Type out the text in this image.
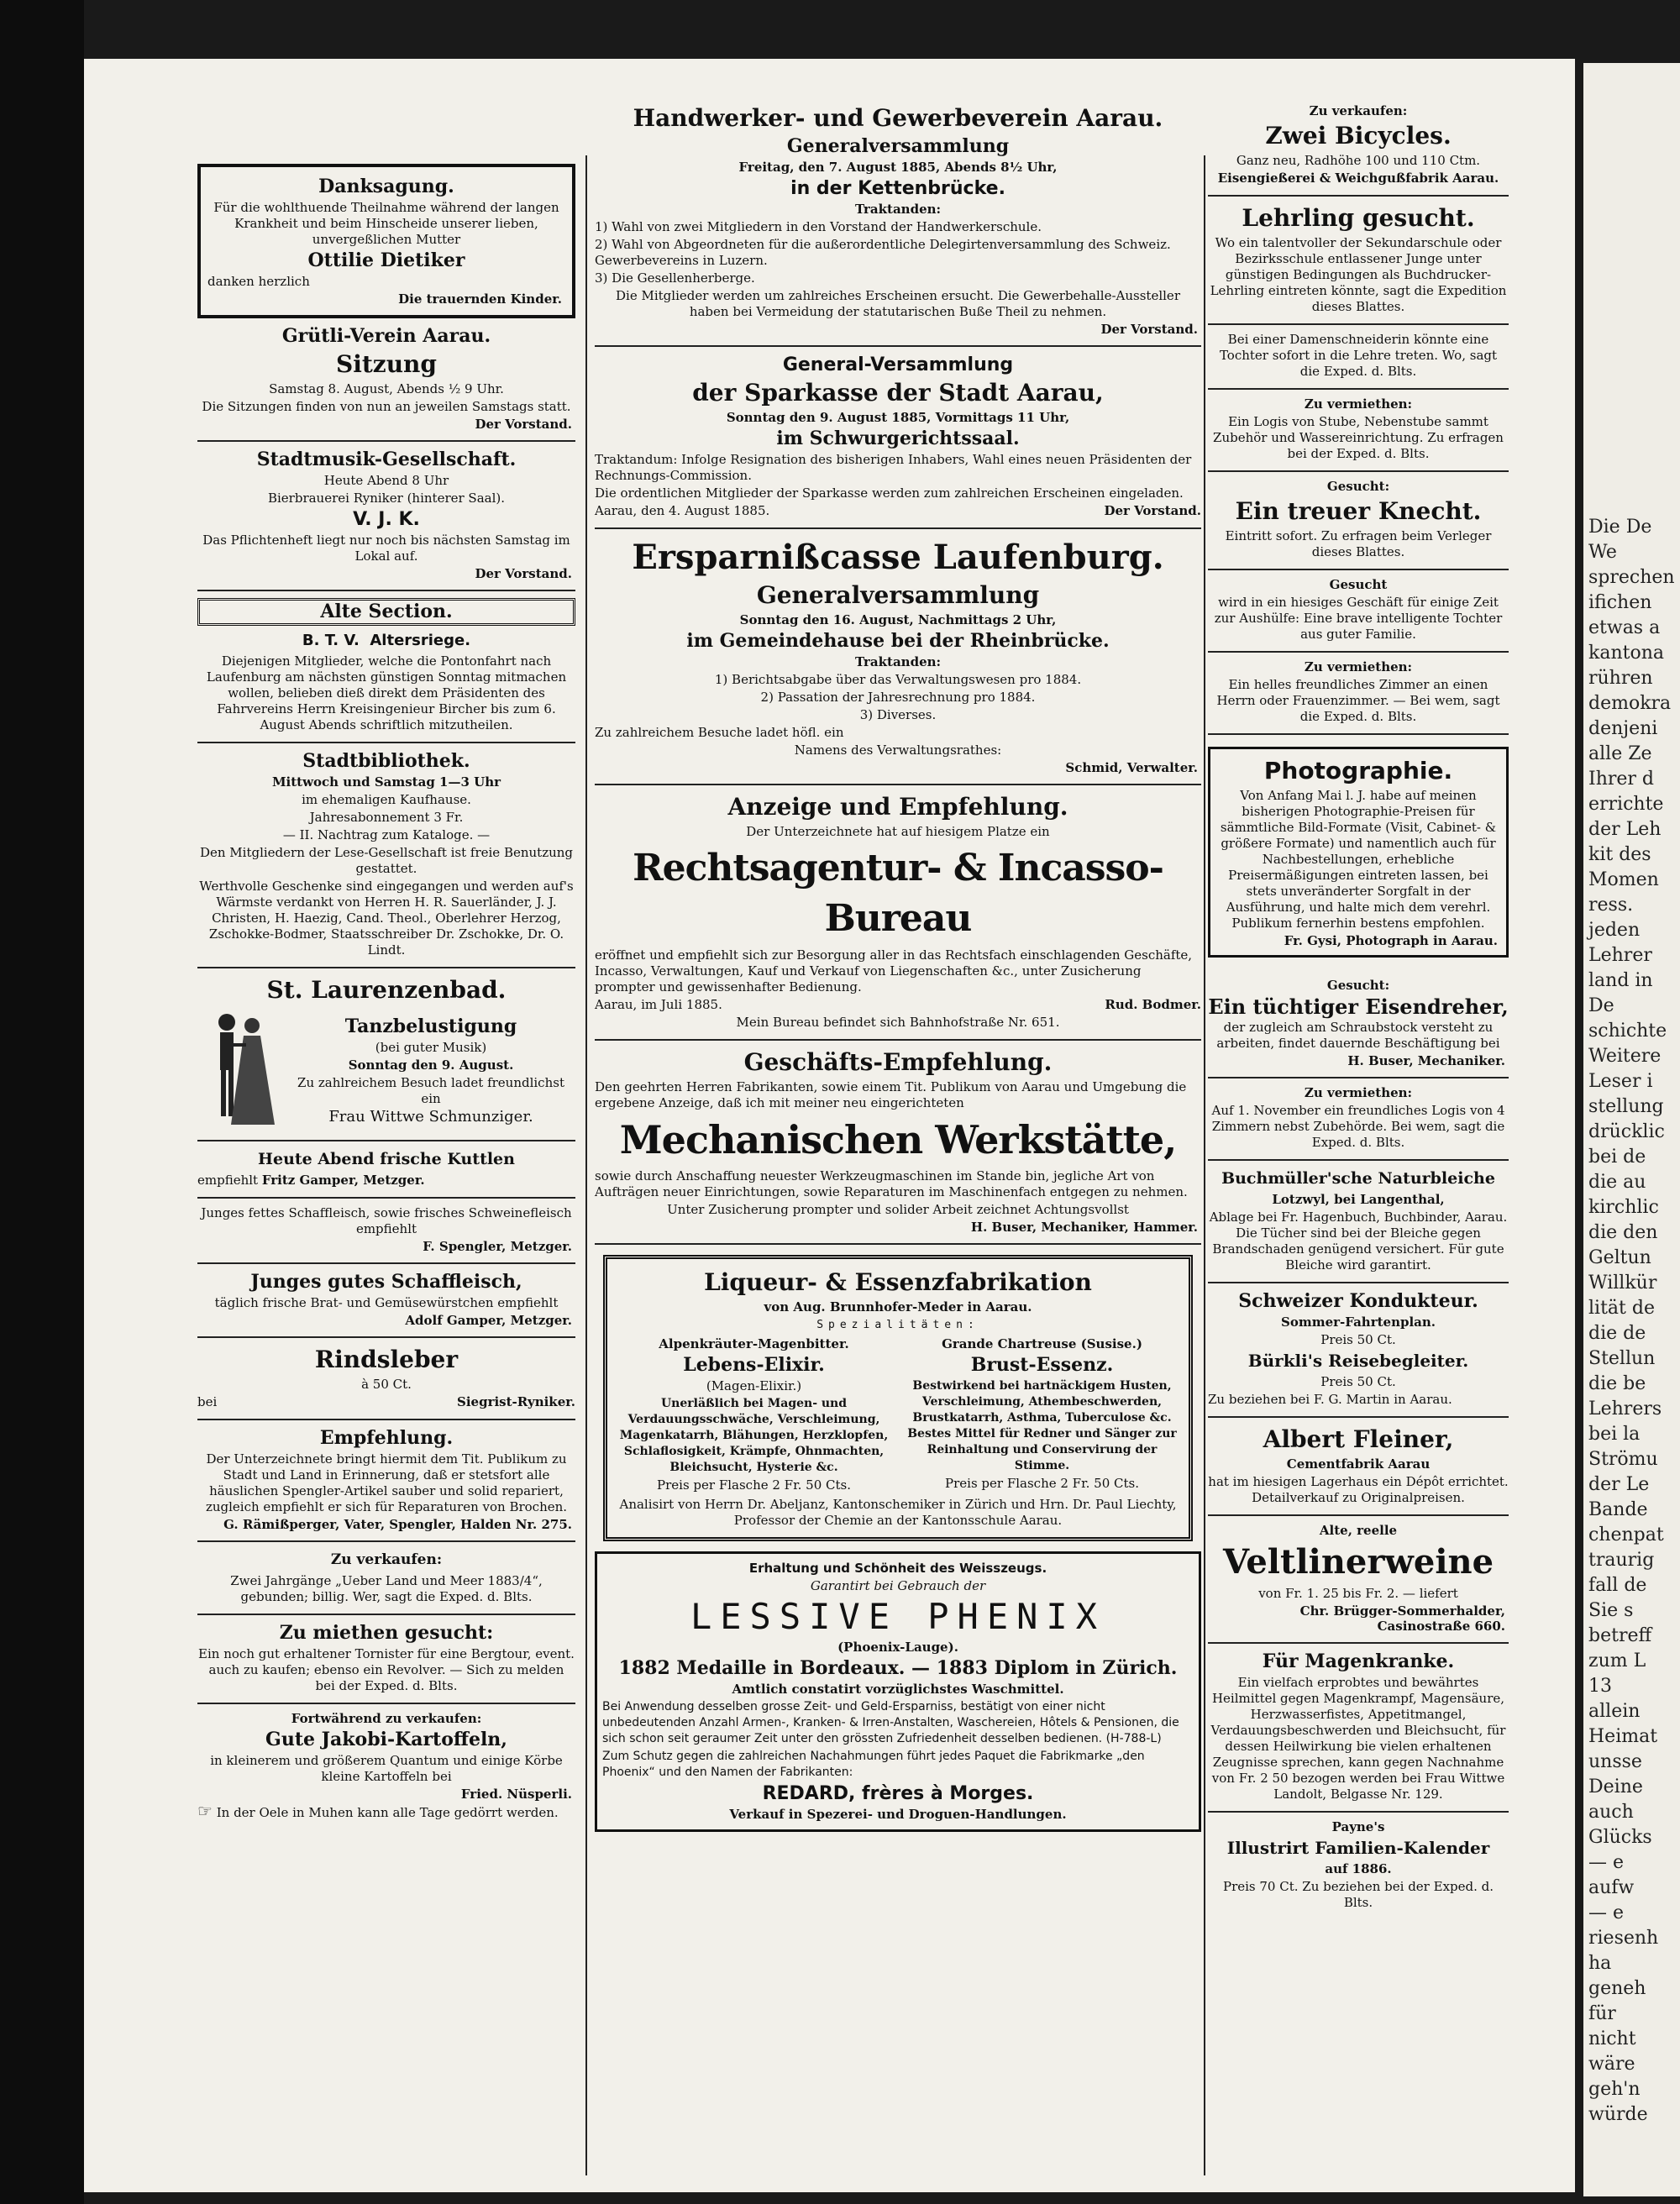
Die De
We
sprechen
ifichen
etwas a
kantona
rühren
demokra
denjeni
alle Ze
Ihrer d
errichte
der Leh
kit des
Momen
ress.
jeden
Lehrer
land in
De
schichte
Weitere
Leser i
stellung
drücklic
bei de
die au
kirchlic
die den
Geltun
Willkür
lität de
die de
Stellun
die be
Lehrers
bei la
Strömu
der Le
Bande
chenpat
traurig
fall de
Sie s
betreff
zum L
13
allein
Heimat
unsse
Deine
auch
Glücks
— e
aufw
— e
riesenh
ha
geneh
für
nicht
wäre
geh'n
würde
Danksagung.

Für die wohlthuende Theilnahme während der langen Krankheit und beim Hinscheide unserer lieben, unvergeßlichen Mutter

Ottilie Dietiker

danken herzlich

Die trauernden Kinder.
Grütli-Verein Aarau.
Sitzung

Samstag 8. August, Abends ½ 9 Uhr.

Die Sitzungen finden von nun an jeweilen Samstags statt.

Der Vorstand.
Stadtmusik-Gesellschaft.

Heute Abend 8 Uhr

Bierbrauerei Ryniker (hinterer Saal).

V. J. K.

Das Pflichtenheft liegt nur noch bis nächsten Samstag im Lokal auf.

Der Vorstand.
Alte Section.
B. T. V. Altersriege.

Diejenigen Mitglieder, welche die Pontonfahrt nach Laufenburg am nächsten günstigen Sonntag mitmachen wollen, belieben dieß direkt dem Präsidenten des Fahrvereins Herrn Kreisingenieur Bircher bis zum 6. August Abends schriftlich mitzutheilen.

Stadtbibliothek.

Mittwoch und Samstag 1—3 Uhr

im ehemaligen Kaufhause.

Jahresabonnement 3 Fr.

— II. Nachtrag zum Kataloge. —

Den Mitgliedern der Lese-Gesellschaft ist freie Benutzung gestattet.

Werthvolle Geschenke sind eingegangen und werden auf's Wärmste verdankt von Herren H. R. Sauerländer, J. J. Christen, H. Haezig, Cand. Theol., Oberlehrer Herzog, Zschokke-Bodmer, Staatsschreiber Dr. Zschokke, Dr. O. Lindt.

St. Laurenzenbad.
Tanzbelustigung

(bei guter Musik)

Sonntag den 9. August.

Zu zahlreichem Besuch ladet freundlichst ein

Frau Wittwe Schmunziger.

Heute Abend frische Kuttlen

empfiehlt Fritz Gamper, Metzger.

Junges fettes Schaffleisch, sowie frisches Schweinefleisch empfiehlt

F. Spengler, Metzger.
Junges gutes Schaffleisch,

täglich frische Brat- und Gemüsewürstchen empfiehlt

Adolf Gamper, Metzger.
Rindsleber

à 50 Ct.

bei	Siegrist-Ryniker.

Empfehlung.

Der Unterzeichnete bringt hiermit dem Tit. Publikum zu Stadt und Land in Erinnerung, daß er stetsfort alle häuslichen Spengler-Artikel sauber und solid repariert, zugleich empfiehlt er sich für Reparaturen von Brochen.

G. Rämißperger, Vater, Spengler, Halden Nr. 275.
Zu verkaufen:

Zwei Jahrgänge „Ueber Land und Meer 1883/4“, gebunden; billig. Wer, sagt die Exped. d. Blts.

Zu miethen gesucht:

Ein noch gut erhaltener Tornister für eine Bergtour, event. auch zu kaufen; ebenso ein Revolver. — Sich zu melden bei der Exped. d. Blts.

Fortwährend zu verkaufen:

Gute Jakobi-Kartoffeln,

in kleinerem und größerem Quantum und einige Körbe kleine Kartoffeln bei

Fried. Nüsperli.

☞ In der Oele in Muhen kann alle Tage gedörrt werden.

Handwerker- und Gewerbeverein Aarau.
Generalversammlung

Freitag, den 7. August 1885, Abends 8½ Uhr,

in der Kettenbrücke.

Traktanden:

1) Wahl von zwei Mitgliedern in den Vorstand der Handwerkerschule.

2) Wahl von Abgeordneten für die außerordentliche Delegirtenversammlung des Schweiz. Gewerbevereins in Luzern.

3) Die Gesellenherberge.

Die Mitglieder werden um zahlreiches Erscheinen ersucht. Die Gewerbehalle-Aussteller haben bei Vermeidung der statutarischen Buße Theil zu nehmen.

Der Vorstand.
General-Versammlung
der Sparkasse der Stadt Aarau,

Sonntag den 9. August 1885, Vormittags 11 Uhr,

im Schwurgerichtssaal.

Traktandum: Infolge Resignation des bisherigen Inhabers, Wahl eines neuen Präsidenten der Rechnungs-Commission.

Die ordentlichen Mitglieder der Sparkasse werden zum zahlreichen Erscheinen eingeladen.

Aarau, den 4. August 1885.	Der Vorstand.

Ersparnißcasse Laufenburg.
Generalversammlung

Sonntag den 16. August, Nachmittags 2 Uhr,

im Gemeindehause bei der Rheinbrücke.

Traktanden:

1) Berichtsabgabe über das Verwaltungswesen pro 1884.

2) Passation der Jahresrechnung pro 1884.

3) Diverses.

Zu zahlreichem Besuche ladet höfl. ein

Namens des Verwaltungsrathes:

Schmid, Verwalter.
Anzeige und Empfehlung.

Der Unterzeichnete hat auf hiesigem Platze ein

Rechtsagentur- & Incasso-Bureau

eröffnet und empfiehlt sich zur Besorgung aller in das Rechtsfach einschlagenden Geschäfte, Incasso, Verwaltungen, Kauf und Verkauf von Liegenschaften &c., unter Zusicherung prompter und gewissenhafter Bedienung.

Aarau, im Juli 1885.	Rud. Bodmer.

Mein Bureau befindet sich Bahnhofstraße Nr. 651.

Geschäfts-Empfehlung.

Den geehrten Herren Fabrikanten, sowie einem Tit. Publikum von Aarau und Umgebung die ergebene Anzeige, daß ich mit meiner neu eingerichteten

Mechanischen Werkstätte,

sowie durch Anschaffung neuester Werkzeugmaschinen im Stande bin, jegliche Art von Aufträgen neuer Einrichtungen, sowie Reparaturen im Maschinenfach entgegen zu nehmen.

Unter Zusicherung prompter und solider Arbeit zeichnet Achtungsvollst

H. Buser, Mechaniker, Hammer.
Liqueur- & Essenzfabrikation

von Aug. Brunnhofer-Meder in Aarau.

Spezialitäten:

Alpenkräuter-Magenbitter.

Lebens-Elixir.

(Magen-Elixir.)

Unerläßlich bei Magen- und Verdauungsschwäche, Verschleimung, Magenkatarrh, Blähungen, Herzklopfen, Schlaflosigkeit, Krämpfe, Ohnmachten, Bleichsucht, Hysterie &c.

Preis per Flasche 2 Fr. 50 Cts.

Grande Chartreuse (Susise.)

Brust-Essenz.

Bestwirkend bei hartnäckigem Husten, Verschleimung, Athembeschwerden, Brustkatarrh, Asthma, Tuberculose &c. Bestes Mittel für Redner und Sänger zur Reinhaltung und Conservirung der Stimme.

Preis per Flasche 2 Fr. 50 Cts.

Analisirt von Herrn Dr. Abeljanz, Kantonschemiker in Zürich und Hrn. Dr. Paul Liechty, Professor der Chemie an der Kantonsschule Aarau.

Erhaltung und Schönheit des Weisszeugs.

Garantirt bei Gebrauch der

LESSIVE PHENIX

(Phoenix-Lauge).

1882 Medaille in Bordeaux. — 1883 Diplom in Zürich.

Amtlich constatirt vorzüglichstes Waschmittel.

Bei Anwendung desselben grosse Zeit- und Geld-Ersparniss, bestätigt von einer nicht unbedeutenden Anzahl Armen-, Kranken- & Irren-Anstalten, Waschereien, Hôtels & Pensionen, die sich schon seit geraumer Zeit unter den grössten Zufriedenheit desselben bedienen. (H-788-L)

Zum Schutz gegen die zahlreichen Nachahmungen führt jedes Paquet die Fabrikmarke „den Phoenix“ und den Namen der Fabrikanten:

REDARD, frères à Morges.

Verkauf in Spezerei- und Droguen-Handlungen.

Zu verkaufen:

Zwei Bicycles.

Ganz neu, Radhöhe 100 und 110 Ctm.

Eisengießerei & Weichgußfabrik Aarau.

Lehrling gesucht.

Wo ein talentvoller der Sekundarschule oder Bezirksschule entlassener Junge unter günstigen Bedingungen als Buchdrucker-Lehrling eintreten könnte, sagt die Expedition dieses Blattes.

Bei einer Damenschneiderin könnte eine Tochter sofort in die Lehre treten. Wo, sagt die Exped. d. Blts.

Zu vermiethen:

Ein Logis von Stube, Nebenstube sammt Zubehör und Wassereinrichtung. Zu erfragen bei der Exped. d. Blts.

Gesucht:

Ein treuer Knecht.

Eintritt sofort. Zu erfragen beim Verleger dieses Blattes.

Gesucht

wird in ein hiesiges Geschäft für einige Zeit zur Aushülfe: Eine brave intelligente Tochter aus guter Familie.

Zu vermiethen:

Ein helles freundliches Zimmer an einen Herrn oder Frauenzimmer. — Bei wem, sagt die Exped. d. Blts.

Photographie.

Von Anfang Mai l. J. habe auf meinen bisherigen Photographie-Preisen für sämmtliche Bild-Formate (Visit, Cabinet- & größere Formate) und namentlich auch für Nachbestellungen, erhebliche Preisermäßigungen eintreten lassen, bei stets unveränderter Sorgfalt in der Ausführung, und halte mich dem verehrl. Publikum fernerhin bestens empfohlen.

Fr. Gysi, Photograph in Aarau.

Gesucht:

Ein tüchtiger Eisendreher,

der zugleich am Schraubstock versteht zu arbeiten, findet dauernde Beschäftigung bei

H. Buser, Mechaniker.

Zu vermiethen:

Auf 1. November ein freundliches Logis von 4 Zimmern nebst Zubehörde. Bei wem, sagt die Exped. d. Blts.

Buchmüller'sche Naturbleiche

Lotzwyl, bei Langenthal,

Ablage bei Fr. Hagenbuch, Buchbinder, Aarau. Die Tücher sind bei der Bleiche gegen Brandschaden genügend versichert. Für gute Bleiche wird garantirt.

Schweizer Kondukteur.

Sommer-Fahrtenplan.

Preis 50 Ct.

Bürkli's Reisebegleiter.

Preis 50 Ct.

Zu beziehen bei F. G. Martin in Aarau.

Albert Fleiner,

Cementfabrik Aarau

hat im hiesigen Lagerhaus ein Dépôt errichtet. Detailverkauf zu Originalpreisen.

Alte, reelle

Veltlinerweine

von Fr. 1. 25 bis Fr. 2. — liefert

Chr. Brügger-Sommerhalder, Casinostraße 660.
Für Magenkranke.

Ein vielfach erprobtes und bewährtes Heilmittel gegen Magenkrampf, Magensäure, Herzwasserfistes, Appetitmangel, Verdauungsbeschwerden und Bleichsucht, für dessen Heilwirkung bie vielen erhaltenen Zeugnisse sprechen, kann gegen Nachnahme von Fr. 2 50 bezogen werden bei Frau Wittwe Landolt, Belgasse Nr. 129.

Payne's

Illustrirt Familien-Kalender

auf 1886.

Preis 70 Ct. Zu beziehen bei der Exped. d. Blts.
